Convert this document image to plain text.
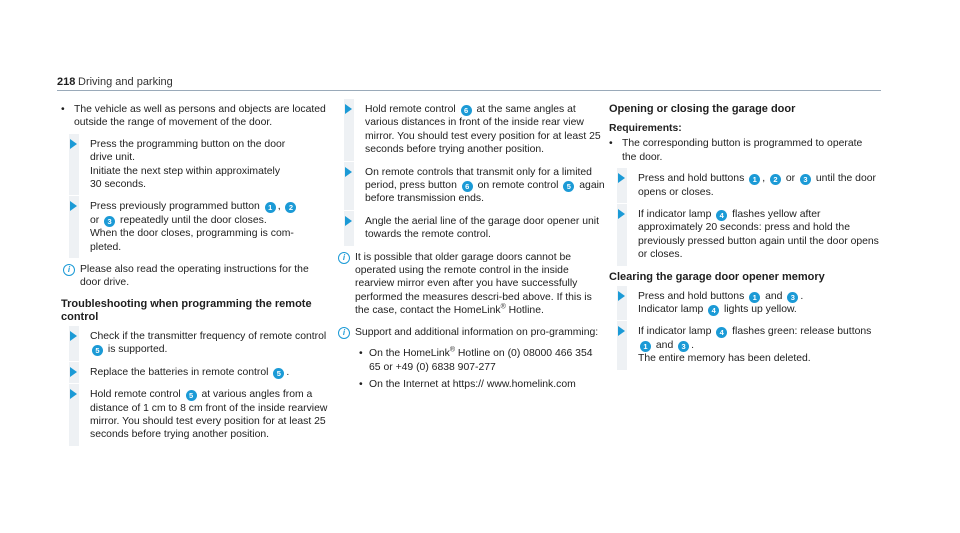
218 Driving and parking
• The vehicle as well as persons and objects are located outside the range of movement of the door.
Press the programming button on the door
drive unit.
Initiate the next step within approximately
30 seconds.
Press previously programmed button 1 , 2
or 3 repeatedly until the door closes.
When the door closes, programming is com-
pleted.
i Please also read the operating instructions for the door drive.
Troubleshooting when programming the remote control
Check if the transmitter frequency of remote control 5 is supported.
Replace the batteries in remote control 5 .
Hold remote control 5 at various angles from a distance of 1 cm to 8 cm front of the inside rearview mirror. You should test every position for at least 25 seconds before trying another position.
Hold remote control 6 at the same angles at various distances in front of the inside rear view mirror. You should test every position for at least 25 seconds before trying another position.
On remote controls that transmit only for a limited period, press button 6 on remote control 5 again before transmission ends.
Angle the aerial line of the garage door opener unit towards the remote control.
i It is possible that older garage doors cannot be operated using the remote control in the inside rearview mirror even after you have successfully performed the measures descri-bed above. If this is the case, contact the HomeLink® Hotline.
i Support and additional information on pro-gramming:
• On the HomeLink® Hotline on (0) 08000 466 354 65 or +49 (0) 6838 907-277
• On the Internet at https:// www.homelink.com
Opening or closing the garage door
Requirements:
• The corresponding button is programmed to operate the door.
Press and hold buttons 1 , 2 or 3 until the door opens or closes.
If indicator lamp 4 flashes yellow after approximately 20 seconds: press and hold the previously pressed button again until the door opens or closes.
Clearing the garage door opener memory
Press and hold buttons 1 and 3 .
Indicator lamp 4 lights up yellow.
If indicator lamp 4 flashes green: release buttons 1 and 3 .
The entire memory has been deleted.
